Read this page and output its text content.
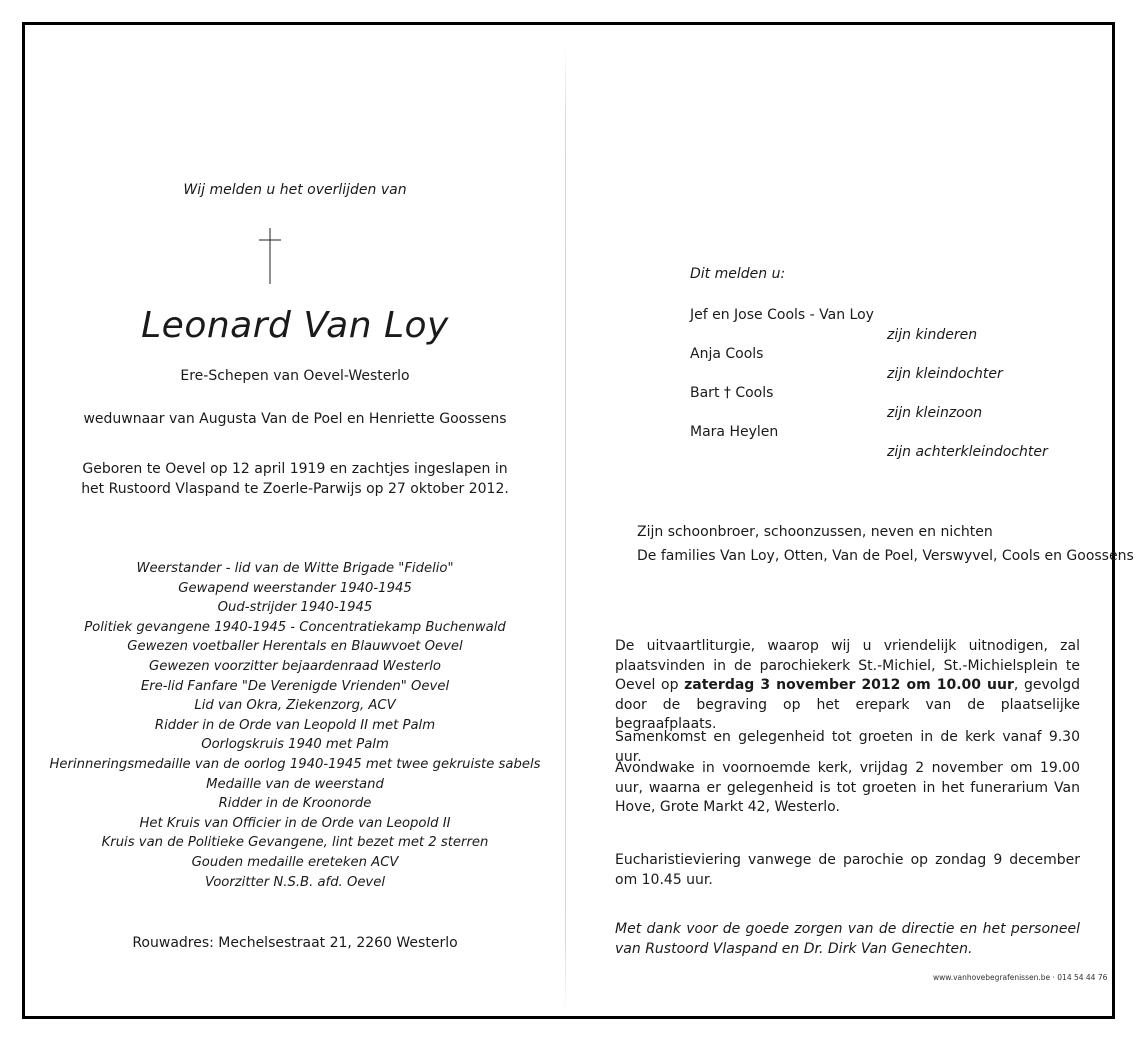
Wij melden u het overlijden van
Leonard Van Loy
Ere-Schepen van Oevel-Westerlo
weduwnaar van Augusta Van de Poel en Henriette Goossens
Geboren te Oevel op 12 april 1919 en zachtjes ingeslapen in
het Rustoord Vlaspand te Zoerle-Parwijs op 27 oktober 2012.
Weerstander - lid van de Witte Brigade "Fidelio"
Gewapend weerstander 1940-1945
Oud-strijder 1940-1945
Politiek gevangene 1940-1945 - Concentratiekamp Buchenwald
Gewezen voetballer Herentals en Blauwvoet Oevel
Gewezen voorzitter bejaardenraad Westerlo
Ere-lid Fanfare "De Verenigde Vrienden" Oevel
Lid van Okra, Ziekenzorg, ACV
Ridder in de Orde van Leopold II met Palm
Oorlogskruis 1940 met Palm
Herinneringsmedaille van de oorlog 1940-1945 met twee gekruiste sabels
Medaille van de weerstand
Ridder in de Kroonorde
Het Kruis van Officier in de Orde van Leopold II
Kruis van de Politieke Gevangene, lint bezet met 2 sterren
Gouden medaille ereteken ACV
Voorzitter N.S.B. afd. Oevel
Rouwadres: Mechelsestraat 21, 2260 Westerlo
Dit melden u:
Jef en Jose Cools - Van Loy
zijn kinderen
Anja Cools
zijn kleindochter
Bart † Cools
zijn kleinzoon
Mara Heylen
zijn achterkleindochter
Zijn schoonbroer, schoonzussen, neven en nichten
De families Van Loy, Otten, Van de Poel, Verswyvel, Cools en Goossens
De uitvaartliturgie, waarop wij u vriendelijk uitnodigen, zal plaatsvinden in de parochiekerk St.-Michiel, St.-Michielsplein te Oevel op zaterdag 3 november 2012 om 10.00 uur, gevolgd door de begraving op het erepark van de plaatselijke begraafplaats.
Samenkomst en gelegenheid tot groeten in de kerk vanaf 9.30 uur.
Avondwake in voornoemde kerk, vrijdag 2 november om 19.00 uur, waarna er gelegenheid is tot groeten in het funerarium Van Hove, Grote Markt 42, Westerlo.
Eucharistieviering vanwege de parochie op zondag 9 december om 10.45 uur.
Met dank voor de goede zorgen van de directie en het personeel van Rustoord Vlaspand en Dr. Dirk Van Genechten.
www.vanhovebegrafenissen.be · 014 54 44 76
